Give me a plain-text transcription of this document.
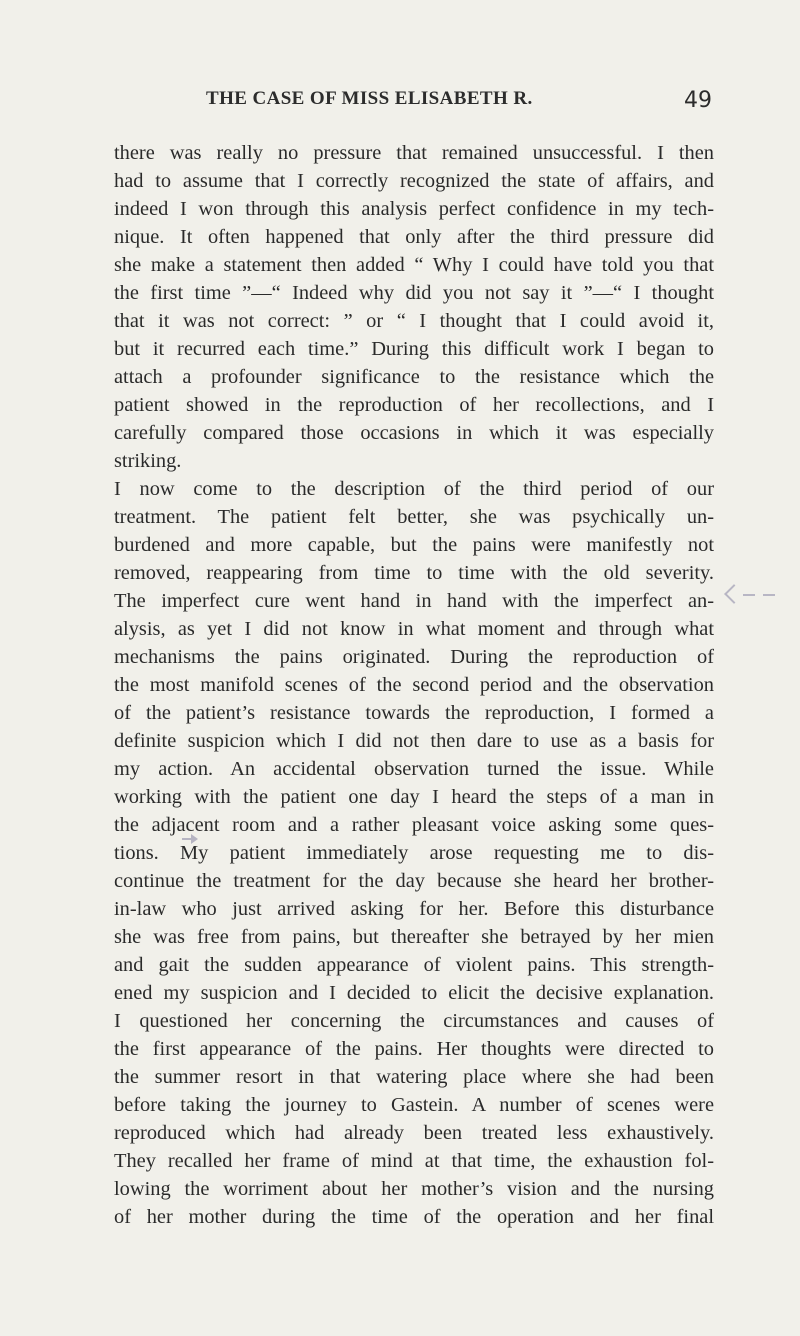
THE CASE OF MISS ELISABETH R.	49
there was really no pressure that remained unsuccessful. I then
had to assume that I correctly recognized the state of affairs, and
indeed I won through this analysis perfect confidence in my tech-
nique. It often happened that only after the third pressure did
she make a statement then added “ Why I could have told you that
the first time ”—“ Indeed why did you not say it ”—“ I thought
that it was not correct: ” or “ I thought that I could avoid it,
but it recurred each time.” During this difficult work I began to
attach a profounder significance to the resistance which the
patient showed in the reproduction of her recollections, and I
carefully compared those occasions in which it was especially
striking.
I now come to the description of the third period of our
treatment. The patient felt better, she was psychically un-
burdened and more capable, but the pains were manifestly not
removed, reappearing from time to time with the old severity.
The imperfect cure went hand in hand with the imperfect an-
alysis, as yet I did not know in what moment and through what
mechanisms the pains originated. During the reproduction of
the most manifold scenes of the second period and the observation
of the patient’s resistance towards the reproduction, I formed a
definite suspicion which I did not then dare to use as a basis for
my action. An accidental observation turned the issue. While
working with the patient one day I heard the steps of a man in
the adjacent room and a rather pleasant voice asking some ques-
tions. My patient immediately arose requesting me to dis-
continue the treatment for the day because she heard her brother-
in-law who just arrived asking for her. Before this disturbance
she was free from pains, but thereafter she betrayed by her mien
and gait the sudden appearance of violent pains. This strength-
ened my suspicion and I decided to elicit the decisive explanation.
I questioned her concerning the circumstances and causes of
the first appearance of the pains. Her thoughts were directed to
the summer resort in that watering place where she had been
before taking the journey to Gastein. A number of scenes were
reproduced which had already been treated less exhaustively.
They recalled her frame of mind at that time, the exhaustion fol-
lowing the worriment about her mother’s vision and the nursing
of her mother during the time of the operation and her final
